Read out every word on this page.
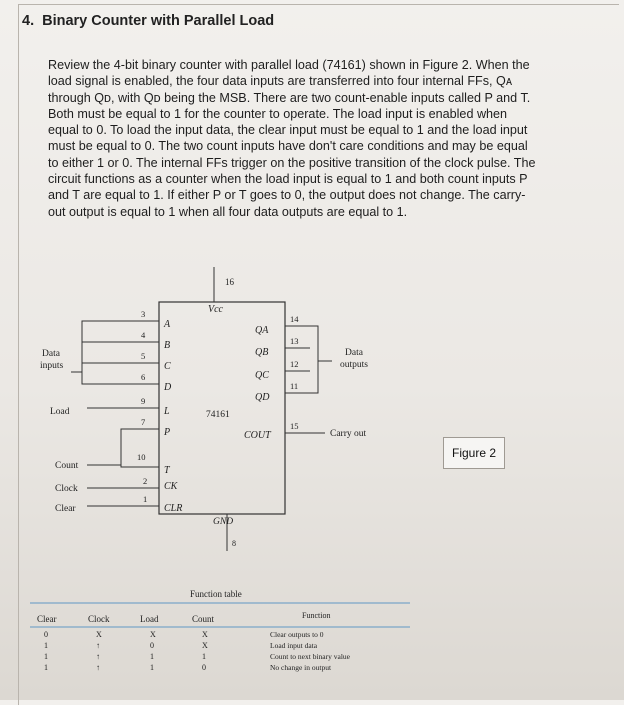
4. Binary Counter with Parallel Load

Review the 4-bit binary counter with parallel load (74161) shown in Figure 2. When the

load signal is enabled, the four data inputs are transferred into four internal FFs, Qᴀ

through Qᴅ, with Qᴅ being the MSB. There are two count-enable inputs called P and T.

Both must be equal to 1 for the counter to operate. The load input is enabled when

equal to 0. To load the input data, the clear input must be equal to 1 and the load input

must be equal to 0. The two count inputs have don't care conditions and may be equal

to either 1 or 0. The internal FFs trigger on the positive transition of the clock pulse. The

circuit functions as a counter when the load input is equal to 1 and both count inputs P

and T are equal to 1. If either P or T goes to 0, the output does not change. The carry-

out output is equal to 1 when all four data outputs are equal to 1.

16
Vcc
GND
8
74161
3
4
5
6
9
7
10
2
1
A
B
C
D
L
P
T
CK
CLR
14
13
12
11
15
QA
QB
QC
QD
COUT
Data
inputs
Load
Count
Clock
Clear
Data
outputs
Carry out
Function table
Clear	Clock	Load	Count	Function
0	X	X	X	Clear outputs to 0
1	↑	0	X	Load input data
1	↑	1	1	Count to next binary value
1	↑	1	0	No change in output
Figure 2
